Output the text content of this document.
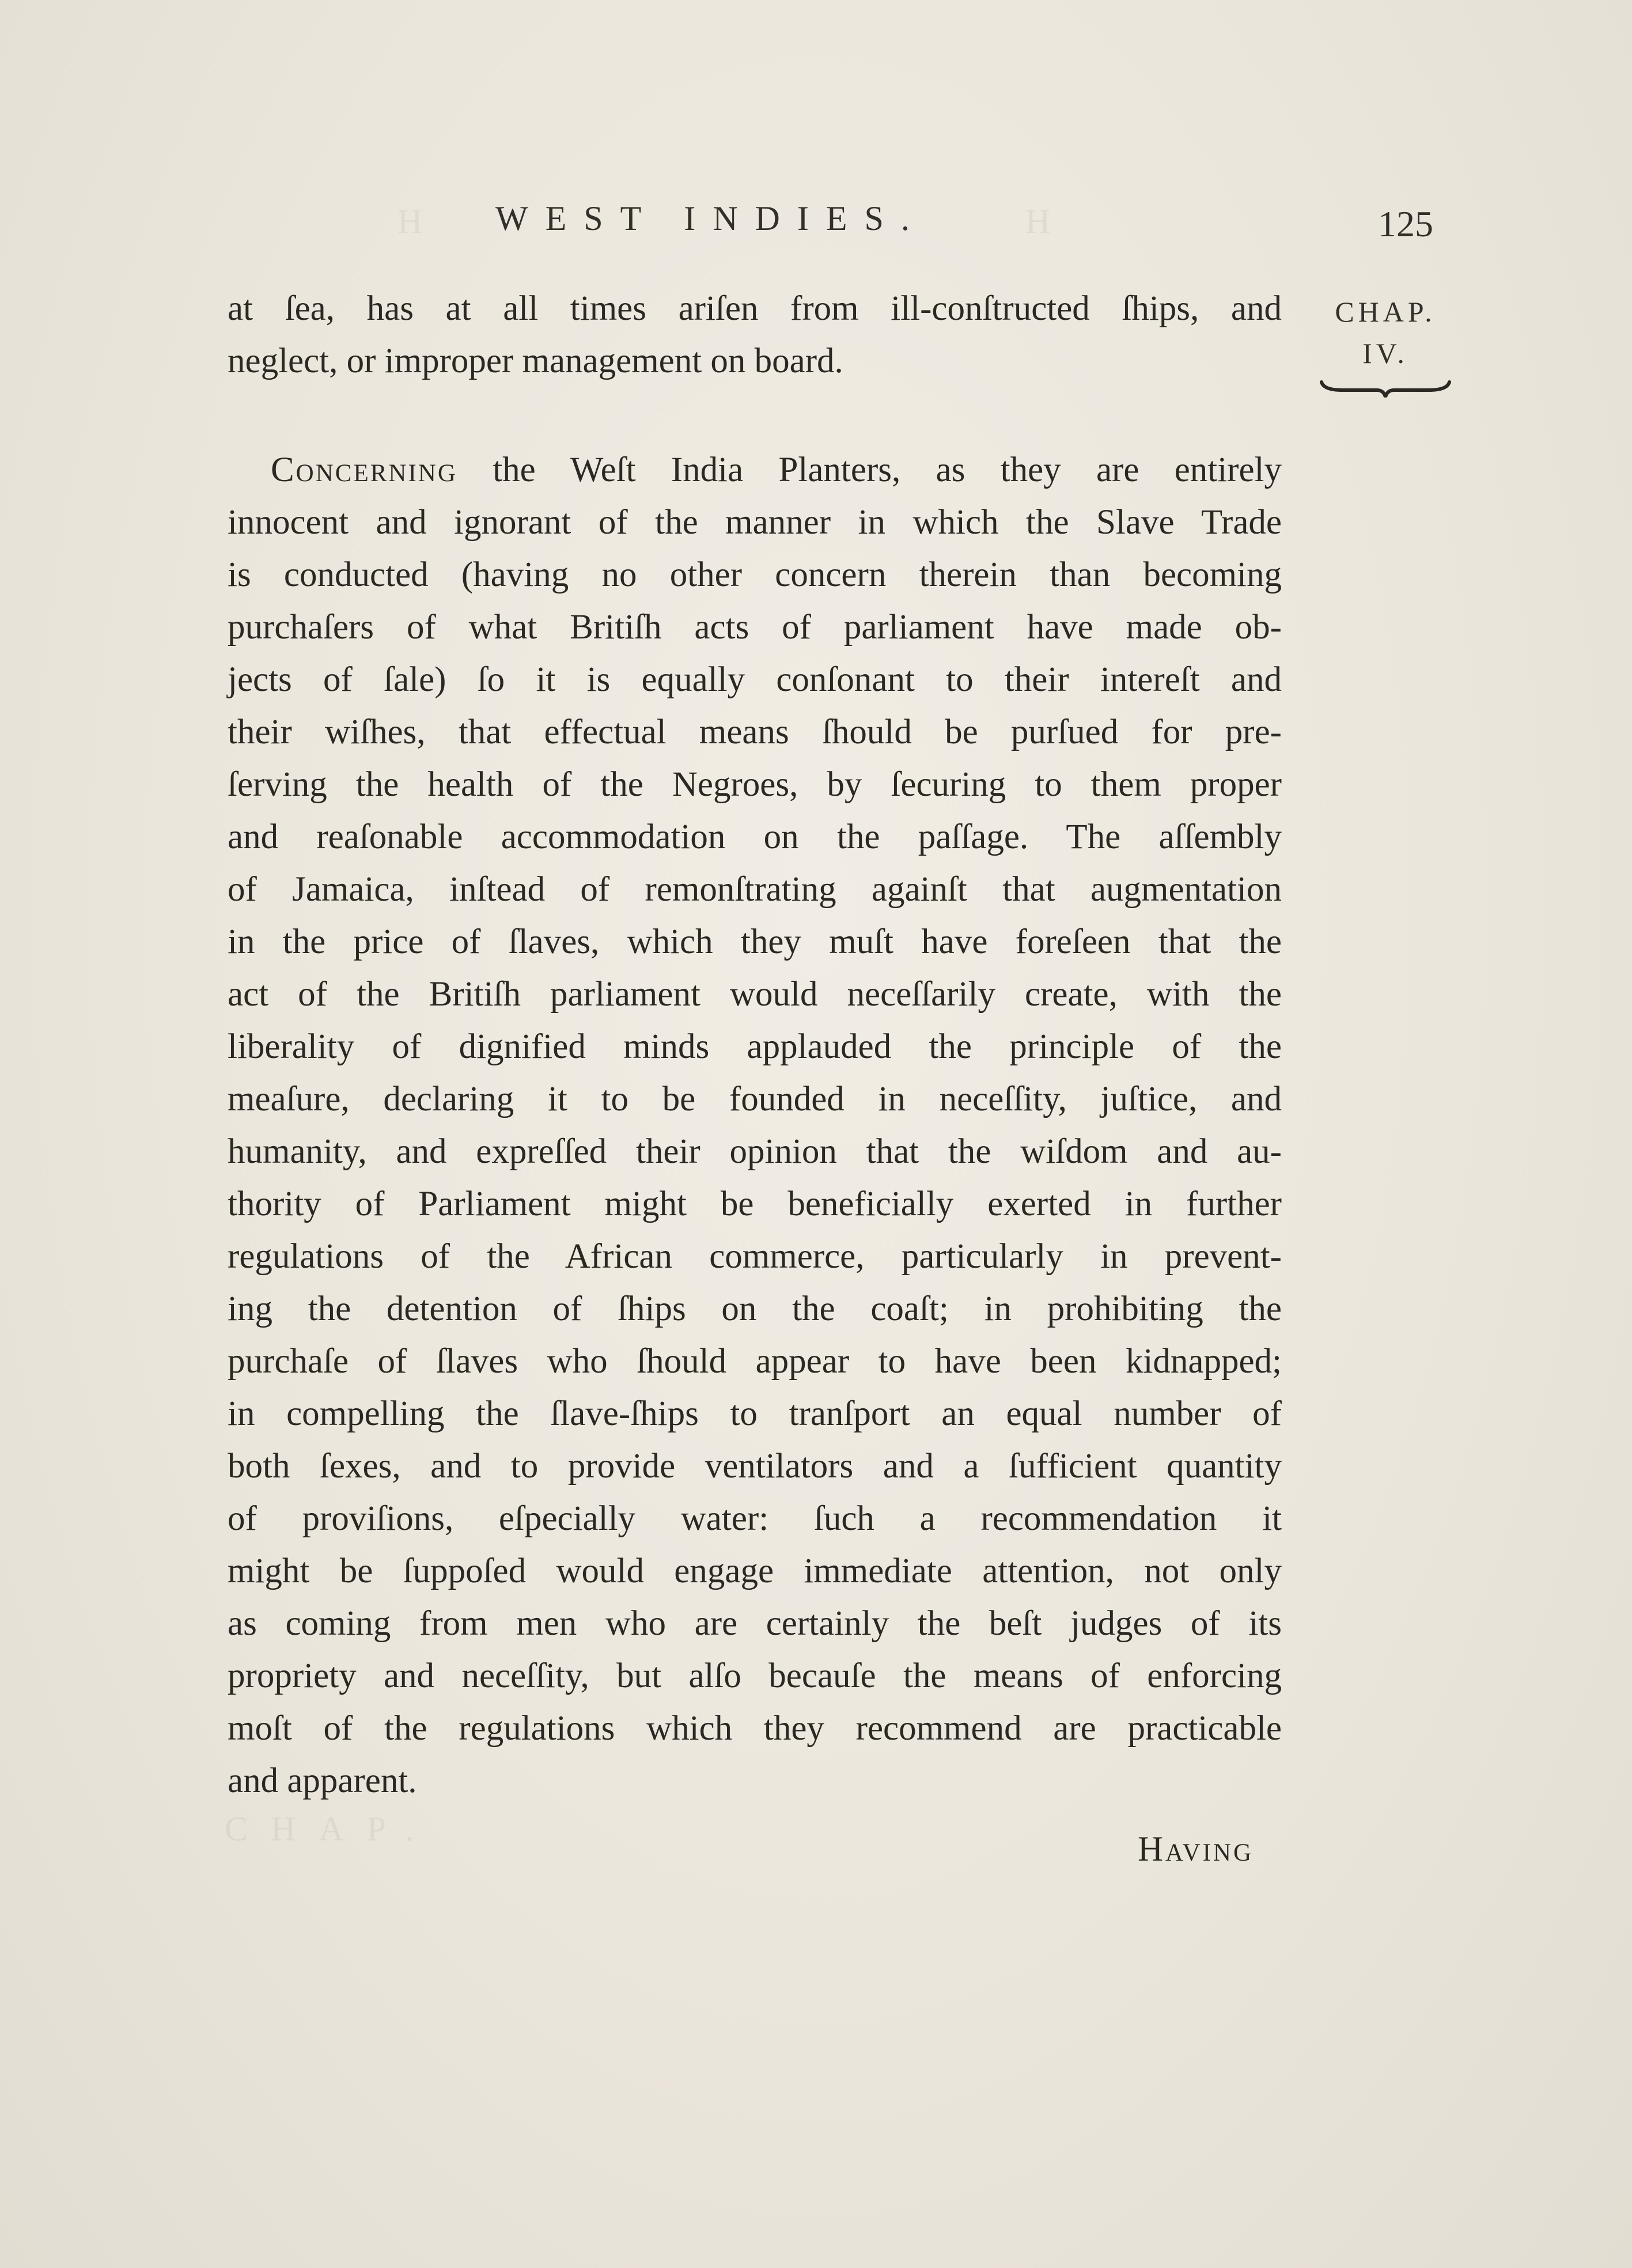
H	H
CHAP.
WEST INDIES.	125
CHAP.
IV.
at ſea, has at all times ariſen from ill-conſtructed ſhips, and
neglect, or improper management on board.
Concerning the Weſt India Planters, as they are entirely
innocent and ignorant of the manner in which the Slave Trade
is conducted (having no other concern therein than becoming
purchaſers of what Britiſh acts of parliament have made ob-
jects of ſale) ſo it is equally conſonant to their intereſt and
their wiſhes, that effectual means ſhould be purſued for pre-
ſerving the health of the Negroes, by ſecuring to them proper
and reaſonable accommodation on the paſſage. The aſſembly
of Jamaica, inſtead of remonſtrating againſt that augmentation
in the price of ſlaves, which they muſt have foreſeen that the
act of the Britiſh parliament would neceſſarily create, with the
liberality of dignified minds applauded the principle of the
meaſure, declaring it to be founded in neceſſity, juſtice, and
humanity, and expreſſed their opinion that the wiſdom and au-
thority of Parliament might be beneficially exerted in further
regulations of the African commerce, particularly in prevent-
ing the detention of ſhips on the coaſt; in prohibiting the
purchaſe of ſlaves who ſhould appear to have been kidnapped;
in compelling the ſlave-ſhips to tranſport an equal number of
both ſexes, and to provide ventilators and a ſufficient quantity
of proviſions, eſpecially water: ſuch a recommendation it
might be ſuppoſed would engage immediate attention, not only
as coming from men who are certainly the beſt judges of its
propriety and neceſſity, but alſo becauſe the means of enforcing
moſt of the regulations which they recommend are practicable
and apparent.
Having
